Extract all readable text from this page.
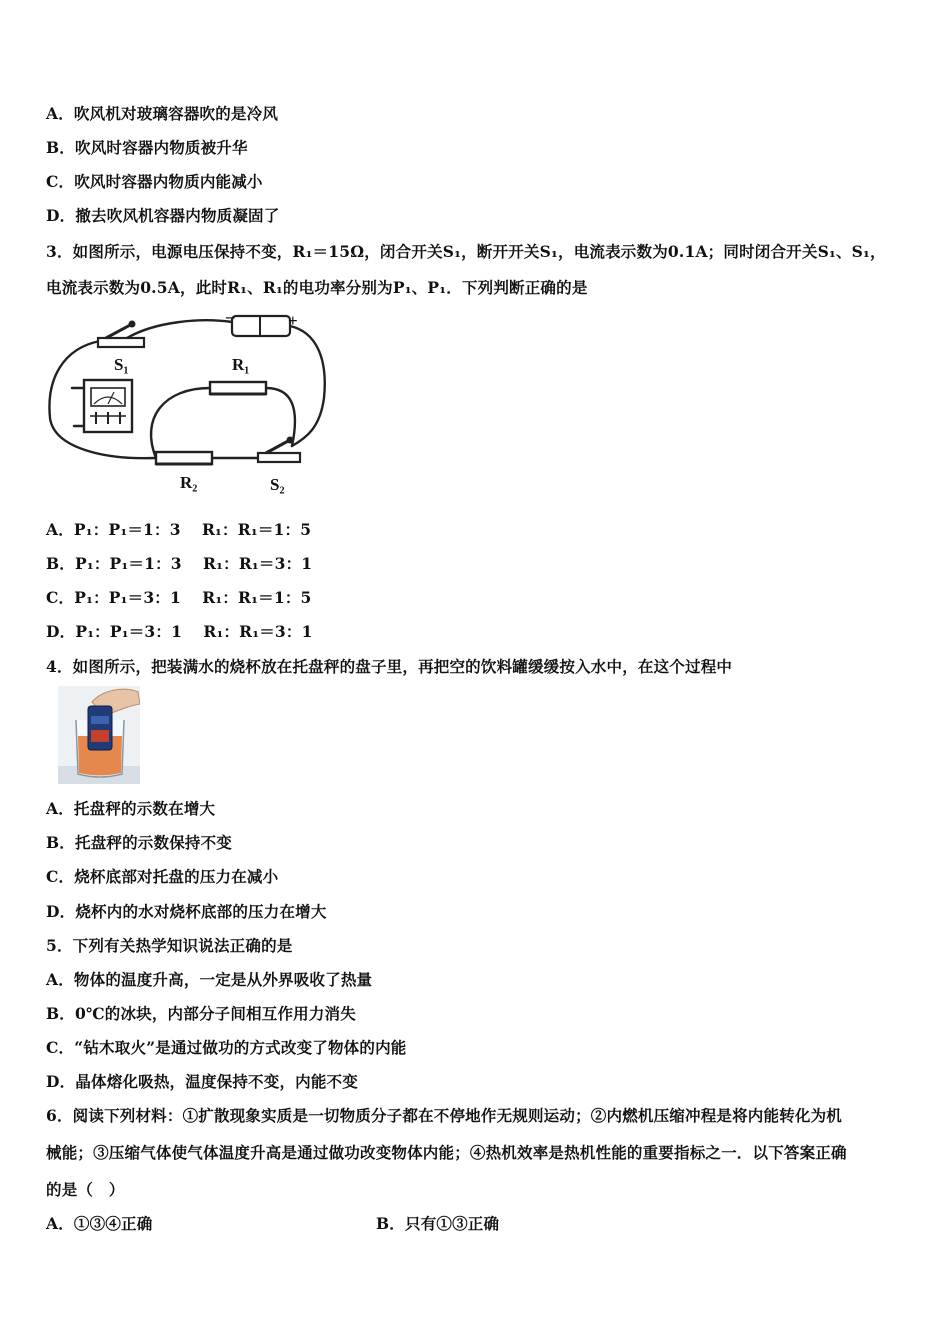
A．吹风机对玻璃容器吹的是冷风
B．吹风时容器内物质被升华
C．吹风时容器内物质内能减小
D．撤去吹风机容器内物质凝固了
3．如图所示，电源电压保持不变，R₁＝15Ω，闭合开关S₁，断开开关S₁，电流表示数为0.1A；同时闭合开关S₁、S₁，
电流表示数为0.5A，此时R₁、R₁的电功率分别为P₁、P₁．下列判断正确的是
S₁	R₁
R₂	S₂
–	+
A．P₁：P₁＝1：3　 R₁：R₁＝1：5
B．P₁：P₁＝1：3　 R₁：R₁＝3：1
C．P₁：P₁＝3：1　 R₁：R₁＝1：5
D．P₁：P₁＝3：1　 R₁：R₁＝3：1
4．如图所示，把装满水的烧杯放在托盘秤的盘子里，再把空的饮料罐缓缓按入水中，在这个过程中
A．托盘秤的示数在增大
B．托盘秤的示数保持不变
C．烧杯底部对托盘的压力在减小
D．烧杯内的水对烧杯底部的压力在增大
5．下列有关热学知识说法正确的是
A．物体的温度升高，一定是从外界吸收了热量
B．0℃的冰块，内部分子间相互作用力消失
C．“钻木取火”是通过做功的方式改变了物体的内能
D．晶体熔化吸热，温度保持不变，内能不变
6．阅读下列材料：①扩散现象实质是一切物质分子都在不停地作无规则运动；②内燃机压缩冲程是将内能转化为机
械能；③压缩气体使气体温度升高是通过做功改变物体内能；④热机效率是热机性能的重要指标之一．以下答案正确
的是（　）
A．①③④正确	B．只有①③正确
